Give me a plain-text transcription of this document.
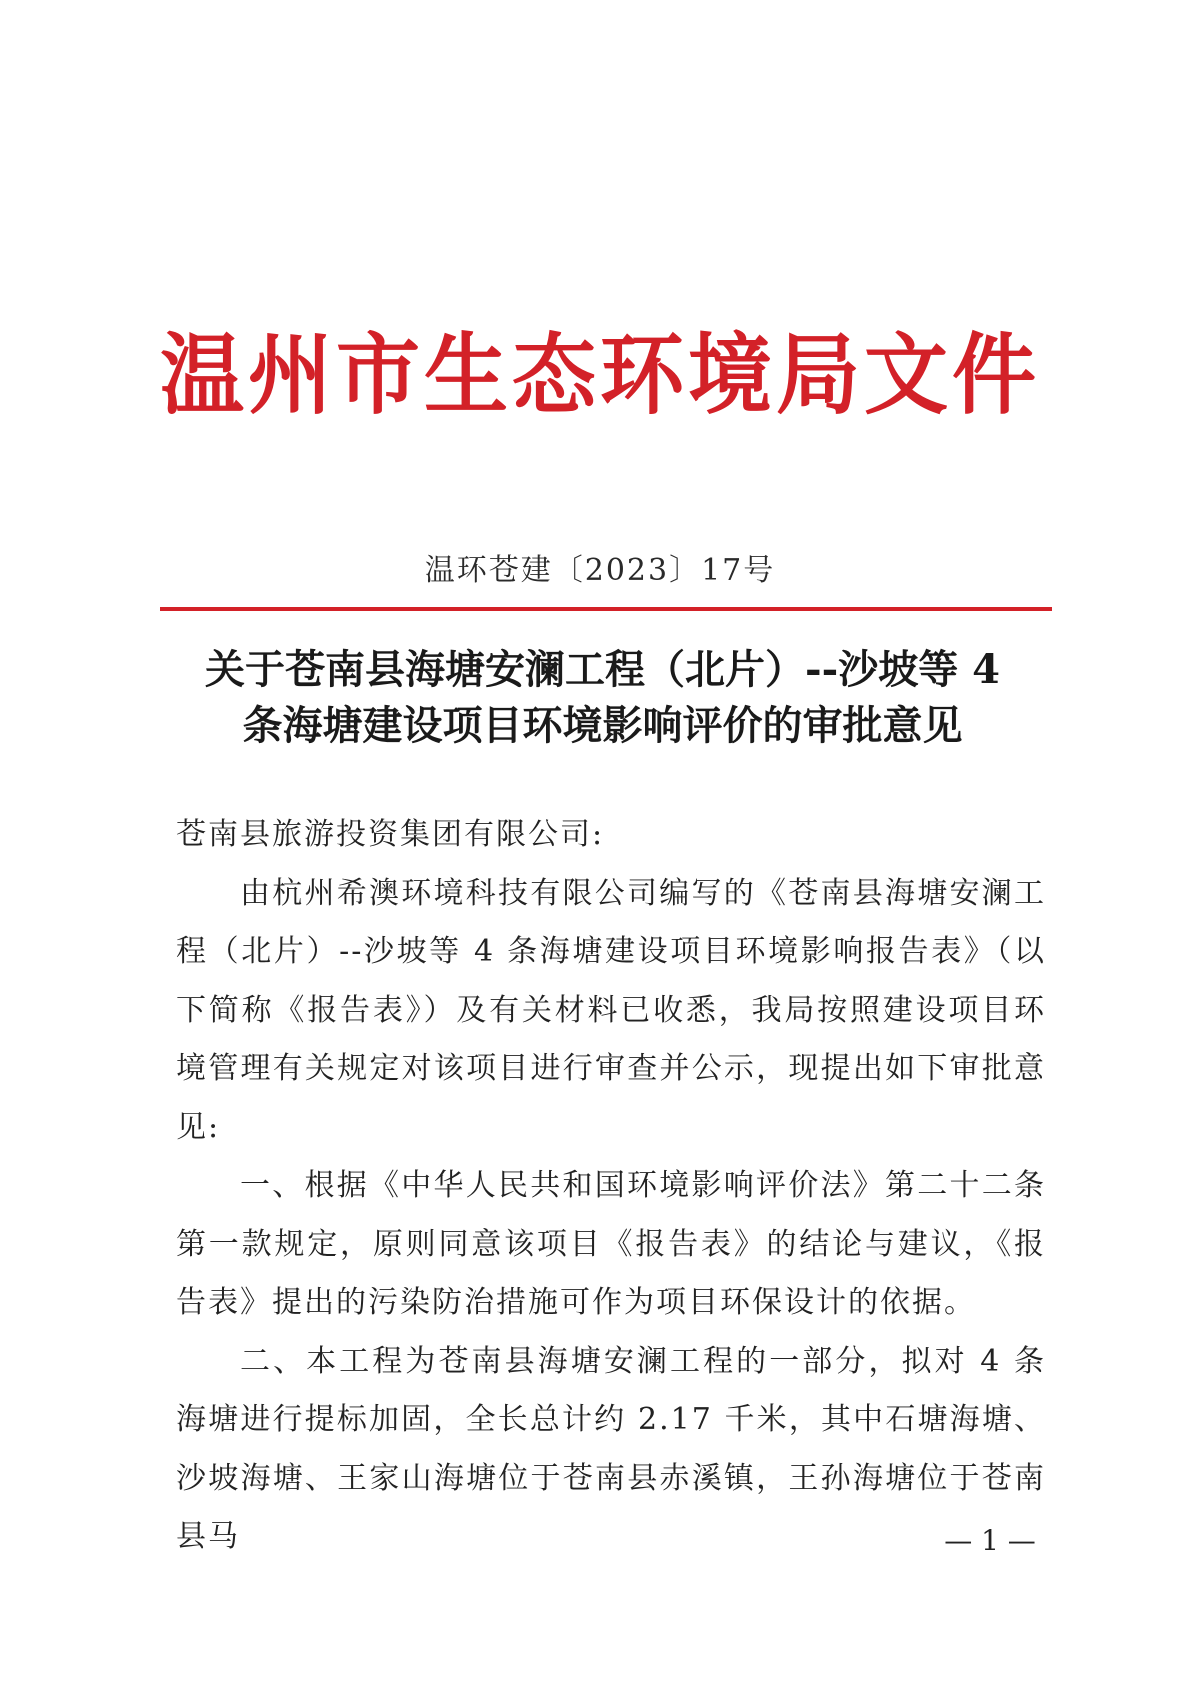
温州市生态环境局文件
温环苍建〔2023〕17号
关于苍南县海塘安澜工程（北片）--沙坡等 4
条海塘建设项目环境影响评价的审批意见

苍南县旅游投资集团有限公司:

由杭州希澳环境科技有限公司编写的《苍南县海塘安澜工程（北片）--沙坡等 4 条海塘建设项目环境影响报告表》（以下简称《报告表》）及有关材料已收悉，我局按照建设项目环境管理有关规定对该项目进行审查并公示，现提出如下审批意见:

一、根据《中华人民共和国环境影响评价法》第二十二条第一款规定，原则同意该项目《报告表》的结论与建议，《报告表》提出的污染防治措施可作为项目环保设计的依据。

二、本工程为苍南县海塘安澜工程的一部分，拟对 4 条海塘进行提标加固，全长总计约 2.17 千米，其中石塘海塘、沙坡海塘、王家山海塘位于苍南县赤溪镇，王孙海塘位于苍南县马	— 1 —
